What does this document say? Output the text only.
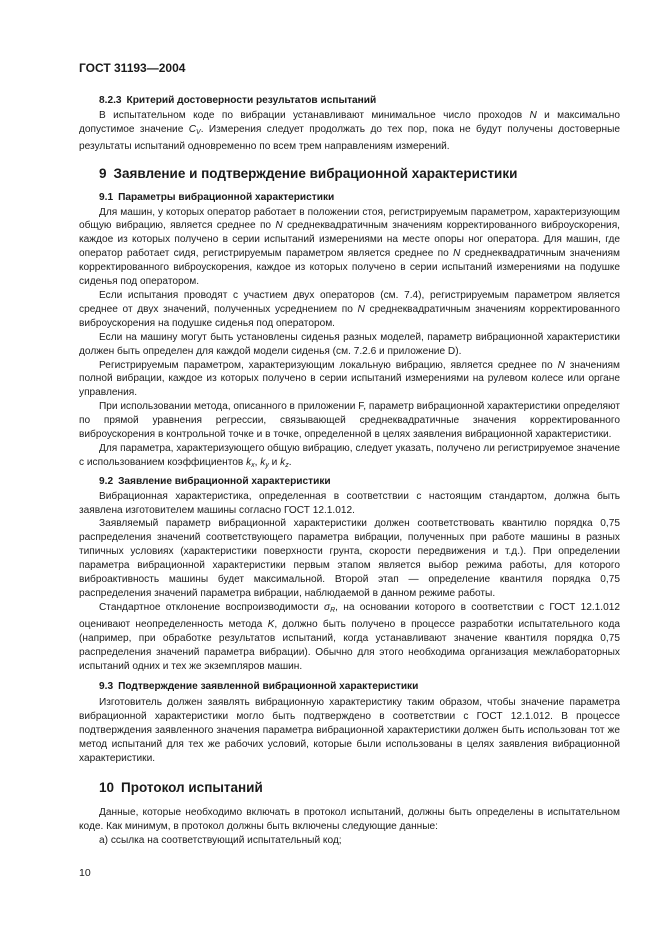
ГОСТ 31193—2004
8.2.3 Критерий достоверности результатов испытаний

В испытательном коде по вибрации устанавливают минимальное число проходов N и максимально допустимое значение $C_V$. Измерения следует продолжать до тех пор, пока не будут получены достоверные результаты испытаний одновременно по всем трем направлениям измерений.

9 Заявление и подтверждение вибрационной характеристики
9.1 Параметры вибрационной характеристики

Для машин, у которых оператор работает в положении стоя, регистрируемым параметром, характеризующим общую вибрацию, является среднее по N среднеквадратичным значениям корректированного виброускорения, каждое из которых получено в серии испытаний измерениями на месте опоры ног оператора. Для машин, где оператор работает сидя, регистрируемым параметром является среднее по N среднеквадратичным значениям корректированного виброускорения, каждое из которых получено в серии испытаний измерениями на подушке сиденья под оператором.

Если испытания проводят с участием двух операторов (см. 7.4), регистрируемым параметром является среднее от двух значений, полученных усреднением по N среднеквадратичным значениям корректированного виброускорения на подушке сиденья под оператором.

Если на машину могут быть установлены сиденья разных моделей, параметр вибрационной характеристики должен быть определен для каждой модели сиденья (см. 7.2.6 и приложение D).

Регистрируемым параметром, характеризующим локальную вибрацию, является среднее по N значениям полной вибрации, каждое из которых получено в серии испытаний измерениями на рулевом колесе или органе управления.

При использовании метода, описанного в приложении F, параметр вибрационной характеристики определяют по прямой уравнения регрессии, связывающей среднеквадратичные значения корректированного виброускорения в контрольной точке и в точке, определенной в целях заявления вибрационной характеристики.

Для параметра, характеризующего общую вибрацию, следует указать, получено ли регистрируемое значение с использованием коэффициентов $k_x$, $k_y$ и $k_z$.

9.2 Заявление вибрационной характеристики

Вибрационная характеристика, определенная в соответствии с настоящим стандартом, должна быть заявлена изготовителем машины согласно ГОСТ 12.1.012.

Заявляемый параметр вибрационной характеристики должен соответствовать квантилю порядка 0,75 распределения значений соответствующего параметра вибрации, полученных при работе машины в разных типичных условиях (характеристики поверхности грунта, скорости передвижения и т.д.). При определении параметра вибрационной характеристики первым этапом является выбор режима работы, для которого виброактивность машины будет максимальной. Второй этап — определение квантиля порядка 0,75 распределения значений параметра вибрации, наблюдаемой в данном режиме работы.

Стандартное отклонение воспроизводимости $\sigma_R$, на основании которого в соответствии с ГОСТ 12.1.012 оценивают неопределенность метода K, должно быть получено в процессе разработки испытательного кода (например, при обработке результатов испытаний, когда устанавливают значение квантиля порядка 0,75 распределения значений параметра вибрации). Обычно для этого необходима организация межлабораторных испытаний одних и тех же экземпляров машин.

9.3 Подтверждение заявленной вибрационной характеристики

Изготовитель должен заявлять вибрационную характеристику таким образом, чтобы значение параметра вибрационной характеристики могло быть подтверждено в соответствии с ГОСТ 12.1.012. В процессе подтверждения заявленного значения параметра вибрационной характеристики должен быть использован тот же метод испытаний для тех же рабочих условий, которые были использованы в целях заявления вибрационной характеристики.

10 Протокол испытаний

Данные, которые необходимо включать в протокол испытаний, должны быть определены в испытательном коде. Как минимум, в протокол должны быть включены следующие данные:

а) ссылка на соответствующий испытательный код;

10
